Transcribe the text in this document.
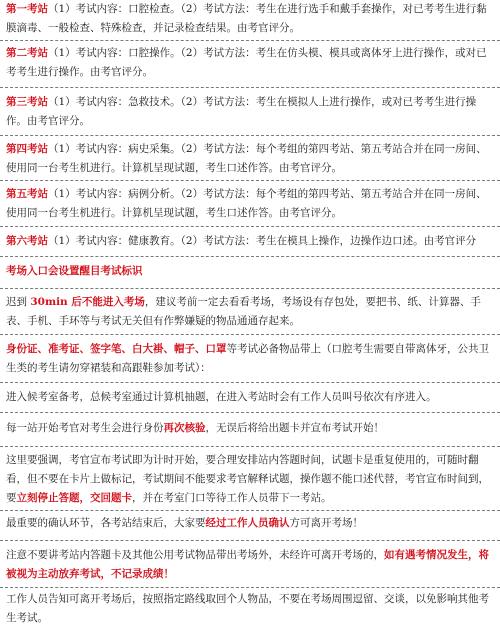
第一考站（1）考试内容：口腔检查。（2）考试方法：考生在进行选手和戴手套操作，对已考考生进行黏膜滴毒、一般检查、特殊检查，并记录检查结果。由考官评分。
第二考站（1）考试内容：口腔操作。（2）考试方法：考生在仿头模、模具或离体牙上进行操作，或对已考考生进行操作。由考官评分。
第三考站（1）考试内容：急救技术。（2）考试方法：考生在模拟人上进行操作，或对已考考生进行操作。由考官评分。
第四考站（1）考试内容：病史采集。（2）考试方法：每个考组的第四考站、第五考站合并在同一房间、使用同一台考生机进行。计算机呈现试题，考生口述作答。由考官评分。
第五考站（1）考试内容：病例分析。（2）考试方法：每个考组的第四考站、第五考站合并在同一房间、使用同一台考生机进行。计算机呈现试题，考生口述作答。由考官评分。
第六考站（1）考试内容：健康教育。（2）考试方法：考生在模具上操作，边操作边口述。由考官评分
考场入口会设置醒目考试标识
迟到 30min 后不能进入考场，建议考前一定去看看考场，考场设有存包处，要把书、纸、计算器、手表、手机、手环等与考试无关但有作弊嫌疑的物品通通存起来。
身份证、准考证、签字笔、白大褂、帽子、口罩等考试必备物品带上（口腔考生需要自带离体牙，公共卫生类的考生请勿穿裙装和高跟鞋参加考试）：
进入候考室备考，总候考室通过计算机抽题，在进入考站时会有工作人员叫号依次有序进入。
每一站开始考官对考生会进行身份再次核验，无误后将给出题卡并宣布考试开始！
这里要强调，考官宣布考试即为计时开始，要合理安排站内答题时间，试题卡是重复使用的，可随时翻看，但不要在卡片上做标记，考试期间不能要求考官解释试题，操作题不能口述代替，考官宣布时间到，要立刻停止答题，交回题卡，并在考室门口等待工作人员带下一考站。
最重要的确认环节，各考站结束后，大家要经过工作人员确认方可离开考场！
注意不要讲考站内答题卡及其他公用考试物品带出考场外，未经许可离开考场的，如有遇考情况发生，将被视为主动放弃考试，不记录成绩！
工作人员告知可离开考场后，按照指定路线取回个人物品，不要在考场周围逗留、交谈，以免影响其他考生考试。
